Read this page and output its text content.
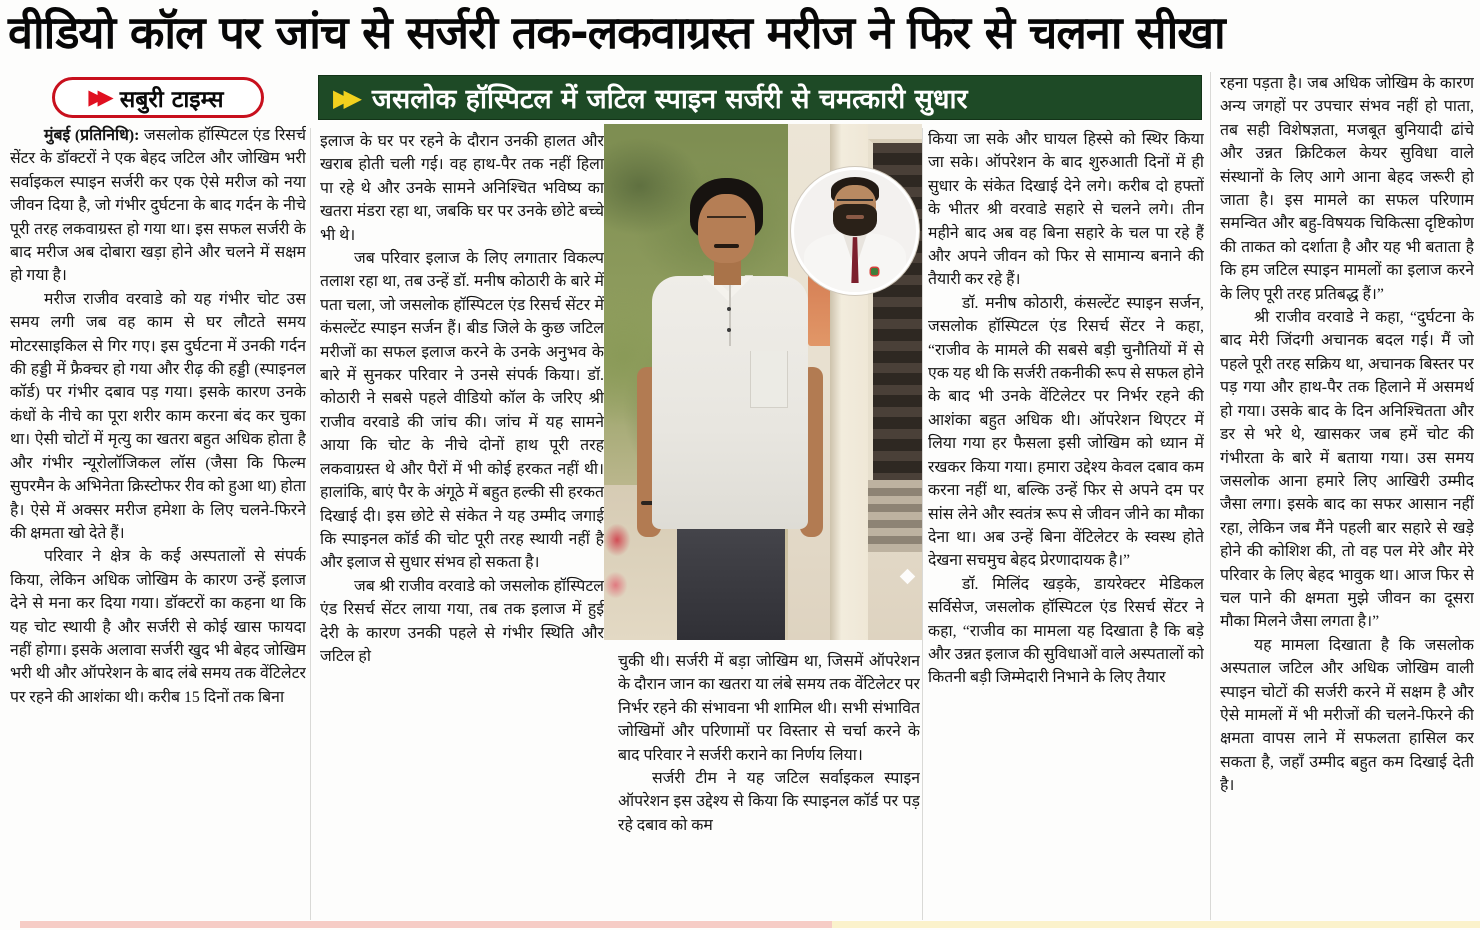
वीडियो कॉल पर जांच से सर्जरी तक-लकवाग्रस्त मरीज ने फिर से चलना सीखा
▶▶ सबुरी टाइम्स	▶▶ जसलोक हॉस्पिटल में जटिल स्पाइन सर्जरी से चमत्कारी सुधार

मुंबई (प्रतिनिधि): जसलोक हॉस्पिटल एंड रिसर्च सेंटर के डॉक्टरों ने एक बेहद जटिल और जोखिम भरी सर्वाइकल स्पाइन सर्जरी कर एक ऐसे मरीज को नया जीवन दिया है, जो गंभीर दुर्घटना के बाद गर्दन के नीचे पूरी तरह लकवाग्रस्त हो गया था। इस सफल सर्जरी के बाद मरीज अब दोबारा खड़ा होने और चलने में सक्षम हो गया है।

मरीज राजीव वरवाडे को यह गंभीर चोट उस समय लगी जब वह काम से घर लौटते समय मोटरसाइकिल से गिर गए। इस दुर्घटना में उनकी गर्दन की हड्डी में फ्रैक्चर हो गया और रीढ़ की हड्डी (स्पाइनल कॉर्ड) पर गंभीर दबाव पड़ गया। इसके कारण उनके कंधों के नीचे का पूरा शरीर काम करना बंद कर चुका था। ऐसी चोटों में मृत्यु का खतरा बहुत अधिक होता है और गंभीर न्यूरोलॉजिकल लॉस (जैसा कि फिल्म सुपरमैन के अभिनेता क्रिस्टोफर रीव को हुआ था) होता है। ऐसे में अक्सर मरीज हमेशा के लिए चलने-फिरने की क्षमता खो देते हैं।

परिवार ने क्षेत्र के कई अस्पतालों से संपर्क किया, लेकिन अधिक जोखिम के कारण उन्हें इलाज देने से मना कर दिया गया। डॉक्टरों का कहना था कि यह चोट स्थायी है और सर्जरी से कोई खास फायदा नहीं होगा। इसके अलावा सर्जरी खुद भी बेहद जोखिम भरी थी और ऑपरेशन के बाद लंबे समय तक वेंटिलेटर पर रहने की आशंका थी। करीब 15 दिनों तक बिना

इलाज के घर पर रहने के दौरान उनकी हालत और खराब होती चली गई। वह हाथ-पैर तक नहीं हिला पा रहे थे और उनके सामने अनिश्चित भविष्य का खतरा मंडरा रहा था, जबकि घर पर उनके छोटे बच्चे भी थे।

जब परिवार इलाज के लिए लगातार विकल्प तलाश रहा था, तब उन्हें डॉ. मनीष कोठारी के बारे में पता चला, जो जसलोक हॉस्पिटल एंड रिसर्च सेंटर में कंसल्टेंट स्पाइन सर्जन हैं। बीड जिले के कुछ जटिल मरीजों का सफल इलाज करने के उनके अनुभव के बारे में सुनकर परिवार ने उनसे संपर्क किया। डॉ. कोठारी ने सबसे पहले वीडियो कॉल के जरिए श्री राजीव वरवाडे की जांच की। जांच में यह सामने आया कि चोट के नीचे दोनों हाथ पूरी तरह लकवाग्रस्त थे और पैरों में भी कोई हरकत नहीं थी। हालांकि, बाएं पैर के अंगूठे में बहुत हल्की सी हरकत दिखाई दी। इस छोटे से संकेत ने यह उम्मीद जगाई कि स्पाइनल कॉर्ड की चोट पूरी तरह स्थायी नहीं है और इलाज से सुधार संभव हो सकता है।

जब श्री राजीव वरवाडे को जसलोक हॉस्पिटल एंड रिसर्च सेंटर लाया गया, तब तक इलाज में हुई देरी के कारण उनकी पहले से गंभीर स्थिति और जटिल हो	चुकी थी। सर्जरी में बड़ा जोखिम था, जिसमें ऑपरेशन के दौरान जान का खतरा या लंबे समय तक वेंटिलेटर पर निर्भर रहने की संभावना भी शामिल थी। सभी संभावित जोखिमों और परिणामों पर विस्तार से चर्चा करने के बाद परिवार ने सर्जरी कराने का निर्णय लिया।

सर्जरी टीम ने यह जटिल सर्वाइकल स्पाइन ऑपरेशन इस उद्देश्य से किया कि स्पाइनल कॉर्ड पर पड़ रहे दबाव को कम

किया जा सके और घायल हिस्से को स्थिर किया जा सके। ऑपरेशन के बाद शुरुआती दिनों में ही सुधार के संकेत दिखाई देने लगे। करीब दो हफ्तों के भीतर श्री वरवाडे सहारे से चलने लगे। तीन महीने बाद अब वह बिना सहारे के चल पा रहे हैं और अपने जीवन को फिर से सामान्य बनाने की तैयारी कर रहे हैं।

डॉ. मनीष कोठारी, कंसल्टेंट स्पाइन सर्जन, जसलोक हॉस्पिटल एंड रिसर्च सेंटर ने कहा, “राजीव के मामले की सबसे बड़ी चुनौतियों में से एक यह थी कि सर्जरी तकनीकी रूप से सफल होने के बाद भी उनके वेंटिलेटर पर निर्भर रहने की आशंका बहुत अधिक थी। ऑपरेशन थिएटर में लिया गया हर फैसला इसी जोखिम को ध्यान में रखकर किया गया। हमारा उद्देश्य केवल दबाव कम करना नहीं था, बल्कि उन्हें फिर से अपने दम पर सांस लेने और स्वतंत्र रूप से जीवन जीने का मौका देना था। अब उन्हें बिना वेंटिलेटर के स्वस्थ होते देखना सचमुच बेहद प्रेरणादायक है।”

डॉ. मिलिंद खड़के, डायरेक्टर मेडिकल सर्विसेज, जसलोक हॉस्पिटल एंड रिसर्च सेंटर ने कहा, “राजीव का मामला यह दिखाता है कि बड़े और उन्नत इलाज की सुविधाओं वाले अस्पतालों को कितनी बड़ी जिम्मेदारी निभाने के लिए तैयार

रहना पड़ता है। जब अधिक जोखिम के कारण अन्य जगहों पर उपचार संभव नहीं हो पाता, तब सही विशेषज्ञता, मजबूत बुनियादी ढांचे और उन्नत क्रिटिकल केयर सुविधा वाले संस्थानों के लिए आगे आना बेहद जरूरी हो जाता है। इस मामले का सफल परिणाम समन्वित और बहु-विषयक चिकित्सा दृष्टिकोण की ताकत को दर्शाता है और यह भी बताता है कि हम जटिल स्पाइन मामलों का इलाज करने के लिए पूरी तरह प्रतिबद्ध हैं।”

श्री राजीव वरवाडे ने कहा, “दुर्घटना के बाद मेरी जिंदगी अचानक बदल गई। मैं जो पहले पूरी तरह सक्रिय था, अचानक बिस्तर पर पड़ गया और हाथ-पैर तक हिलाने में असमर्थ हो गया। उसके बाद के दिन अनिश्चितता और डर से भरे थे, खासकर जब हमें चोट की गंभीरता के बारे में बताया गया। उस समय जसलोक आना हमारे लिए आखिरी उम्मीद जैसा लगा। इसके बाद का सफर आसान नहीं रहा, लेकिन जब मैंने पहली बार सहारे से खड़े होने की कोशिश की, तो वह पल मेरे और मेरे परिवार के लिए बेहद भावुक था। आज फिर से चल पाने की क्षमता मुझे जीवन का दूसरा मौका मिलने जैसा लगता है।”

यह मामला दिखाता है कि जसलोक अस्पताल जटिल और अधिक जोखिम वाली स्पाइन चोटों की सर्जरी करने में सक्षम है और ऐसे मामलों में भी मरीजों की चलने-फिरने की क्षमता वापस लाने में सफलता हासिल कर सकता है, जहाँ उम्मीद बहुत कम दिखाई देती है।
